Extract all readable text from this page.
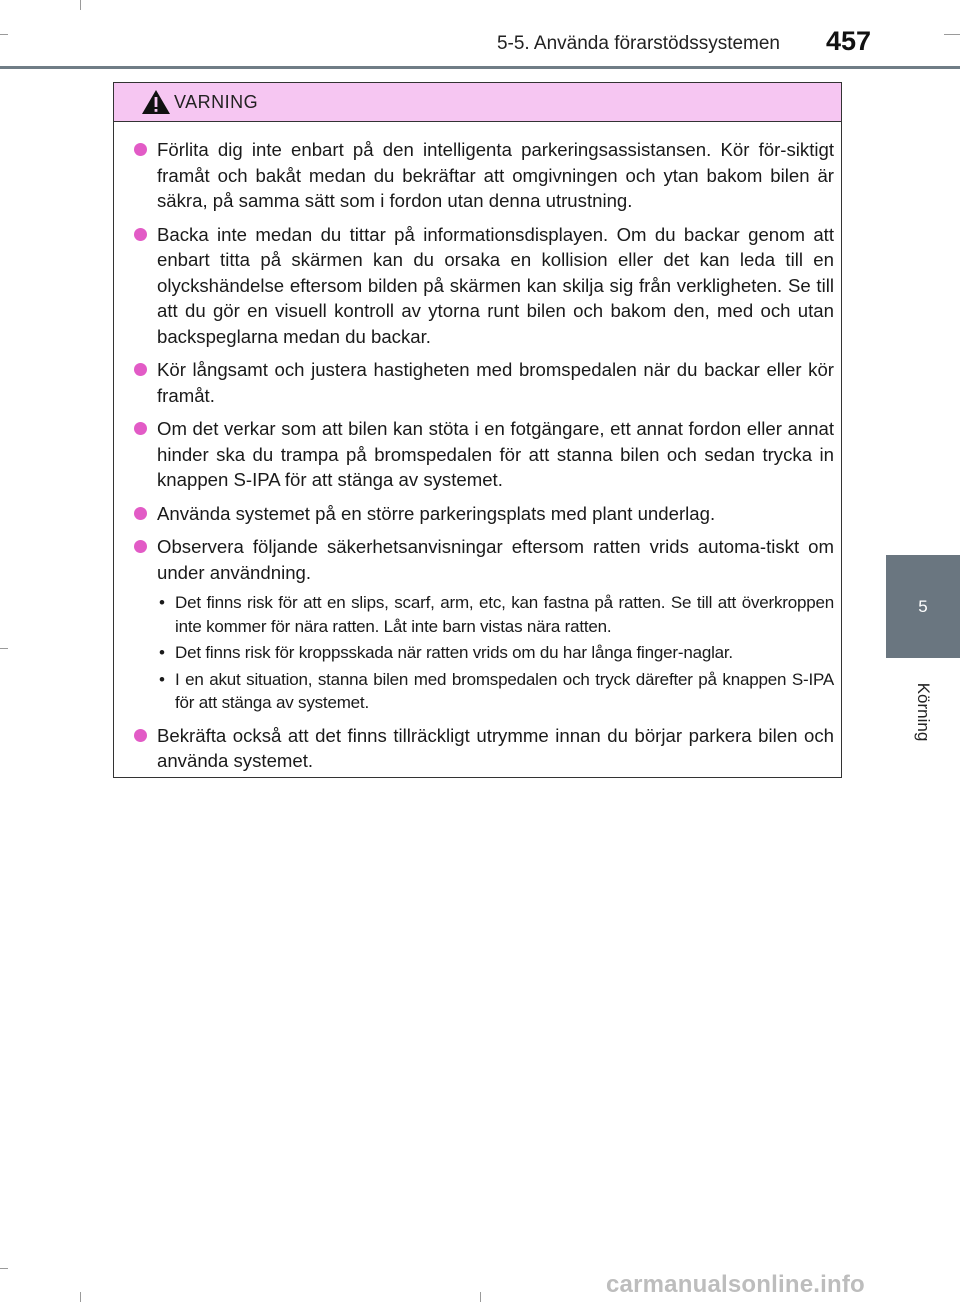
5-5. Använda förarstödssystemen 457
5
Körning
VARNING
Förlita dig inte enbart på den intelligenta parkeringsassistansen. Kör för-siktigt framåt och bakåt medan du bekräftar att omgivningen och ytan bakom bilen är säkra, på samma sätt som i fordon utan denna utrustning.
Backa inte medan du tittar på informationsdisplayen. Om du backar genom att enbart titta på skärmen kan du orsaka en kollision eller det kan leda till en olyckshändelse eftersom bilden på skärmen kan skilja sig från verkligheten. Se till att du gör en visuell kontroll av ytorna runt bilen och bakom den, med och utan backspeglarna medan du backar.
Kör långsamt och justera hastigheten med bromspedalen när du backar eller kör framåt.
Om det verkar som att bilen kan stöta i en fotgängare, ett annat fordon eller annat hinder ska du trampa på bromspedalen för att stanna bilen och sedan trycka in knappen S-IPA för att stänga av systemet.
Använda systemet på en större parkeringsplats med plant underlag.
Observera följande säkerhetsanvisningar eftersom ratten vrids automa-tiskt om under användning.
• Det finns risk för att en slips, scarf, arm, etc, kan fastna på ratten. Se till att överkroppen inte kommer för nära ratten. Låt inte barn vistas nära ratten.
• Det finns risk för kroppsskada när ratten vrids om du har långa finger-naglar.
• I en akut situation, stanna bilen med bromspedalen och tryck därefter på knappen S-IPA för att stänga av systemet.
Bekräfta också att det finns tillräckligt utrymme innan du börjar parkera bilen och använda systemet.
carmanualsonline.info
